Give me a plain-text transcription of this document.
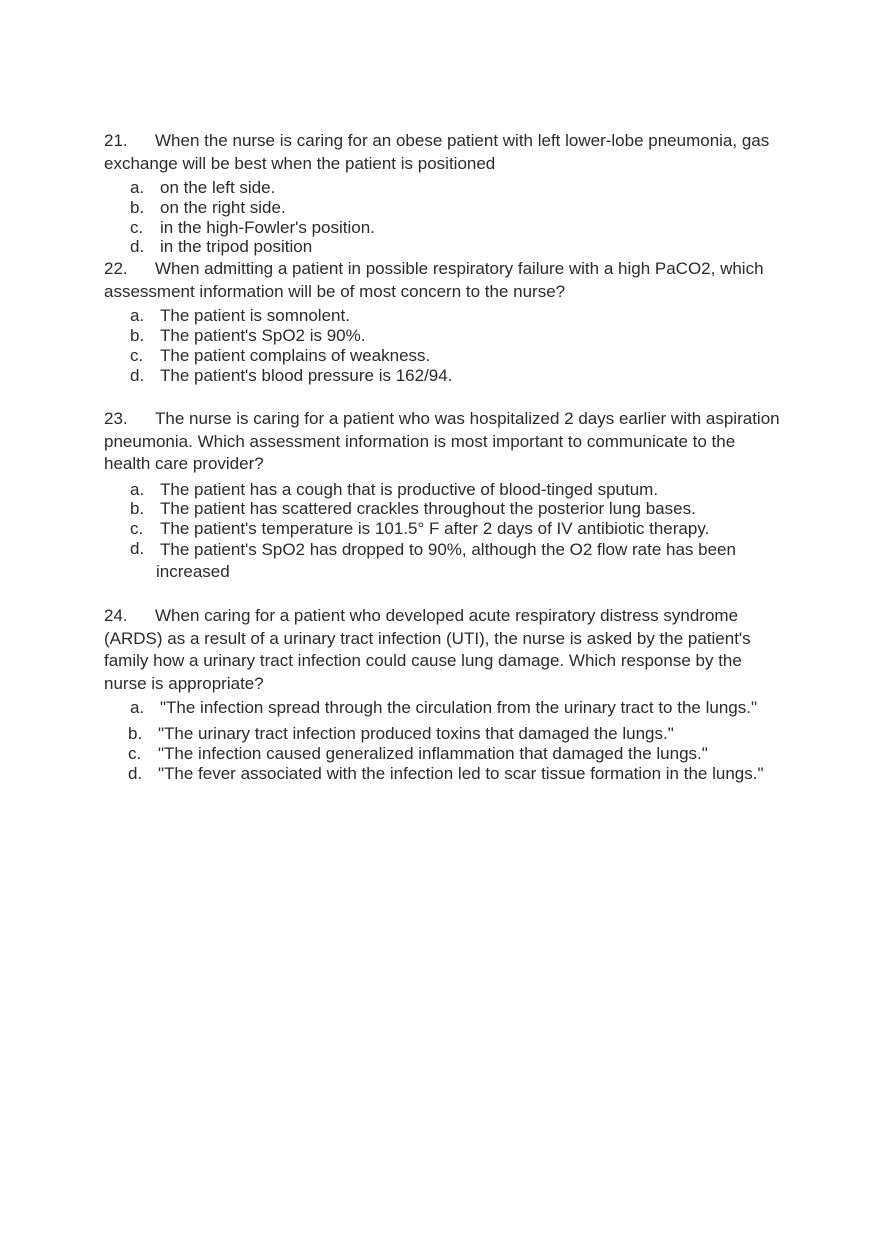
21. When the nurse is caring for an obese patient with left lower-lobe pneumonia, gas exchange will be best when the patient is positioned
a. on the left side.
b. on the right side.
c. in the high-Fowler's position.
d. in the tripod position
22. When admitting a patient in possible respiratory failure with a high PaCO2, which assessment information will be of most concern to the nurse?
a. The patient is somnolent.
b. The patient's SpO2 is 90%.
c. The patient complains of weakness.
d. The patient's blood pressure is 162/94.
23. The nurse is caring for a patient who was hospitalized 2 days earlier with aspiration pneumonia. Which assessment information is most important to communicate to the health care provider?
a. The patient has a cough that is productive of blood-tinged sputum.
b. The patient has scattered crackles throughout the posterior lung bases.
c. The patient's temperature is 101.5° F after 2 days of IV antibiotic therapy.
d. The patient's SpO2 has dropped to 90%, although the O2 flow rate has been increased
24. When caring for a patient who developed acute respiratory distress syndrome (ARDS) as a result of a urinary tract infection (UTI), the nurse is asked by the patient's family how a urinary tract infection could cause lung damage. Which response by the nurse is appropriate?
a. "The infection spread through the circulation from the urinary tract to the lungs."
b. "The urinary tract infection produced toxins that damaged the lungs."
c. "The infection caused generalized inflammation that damaged the lungs."
d. "The fever associated with the infection led to scar tissue formation in the lungs."
